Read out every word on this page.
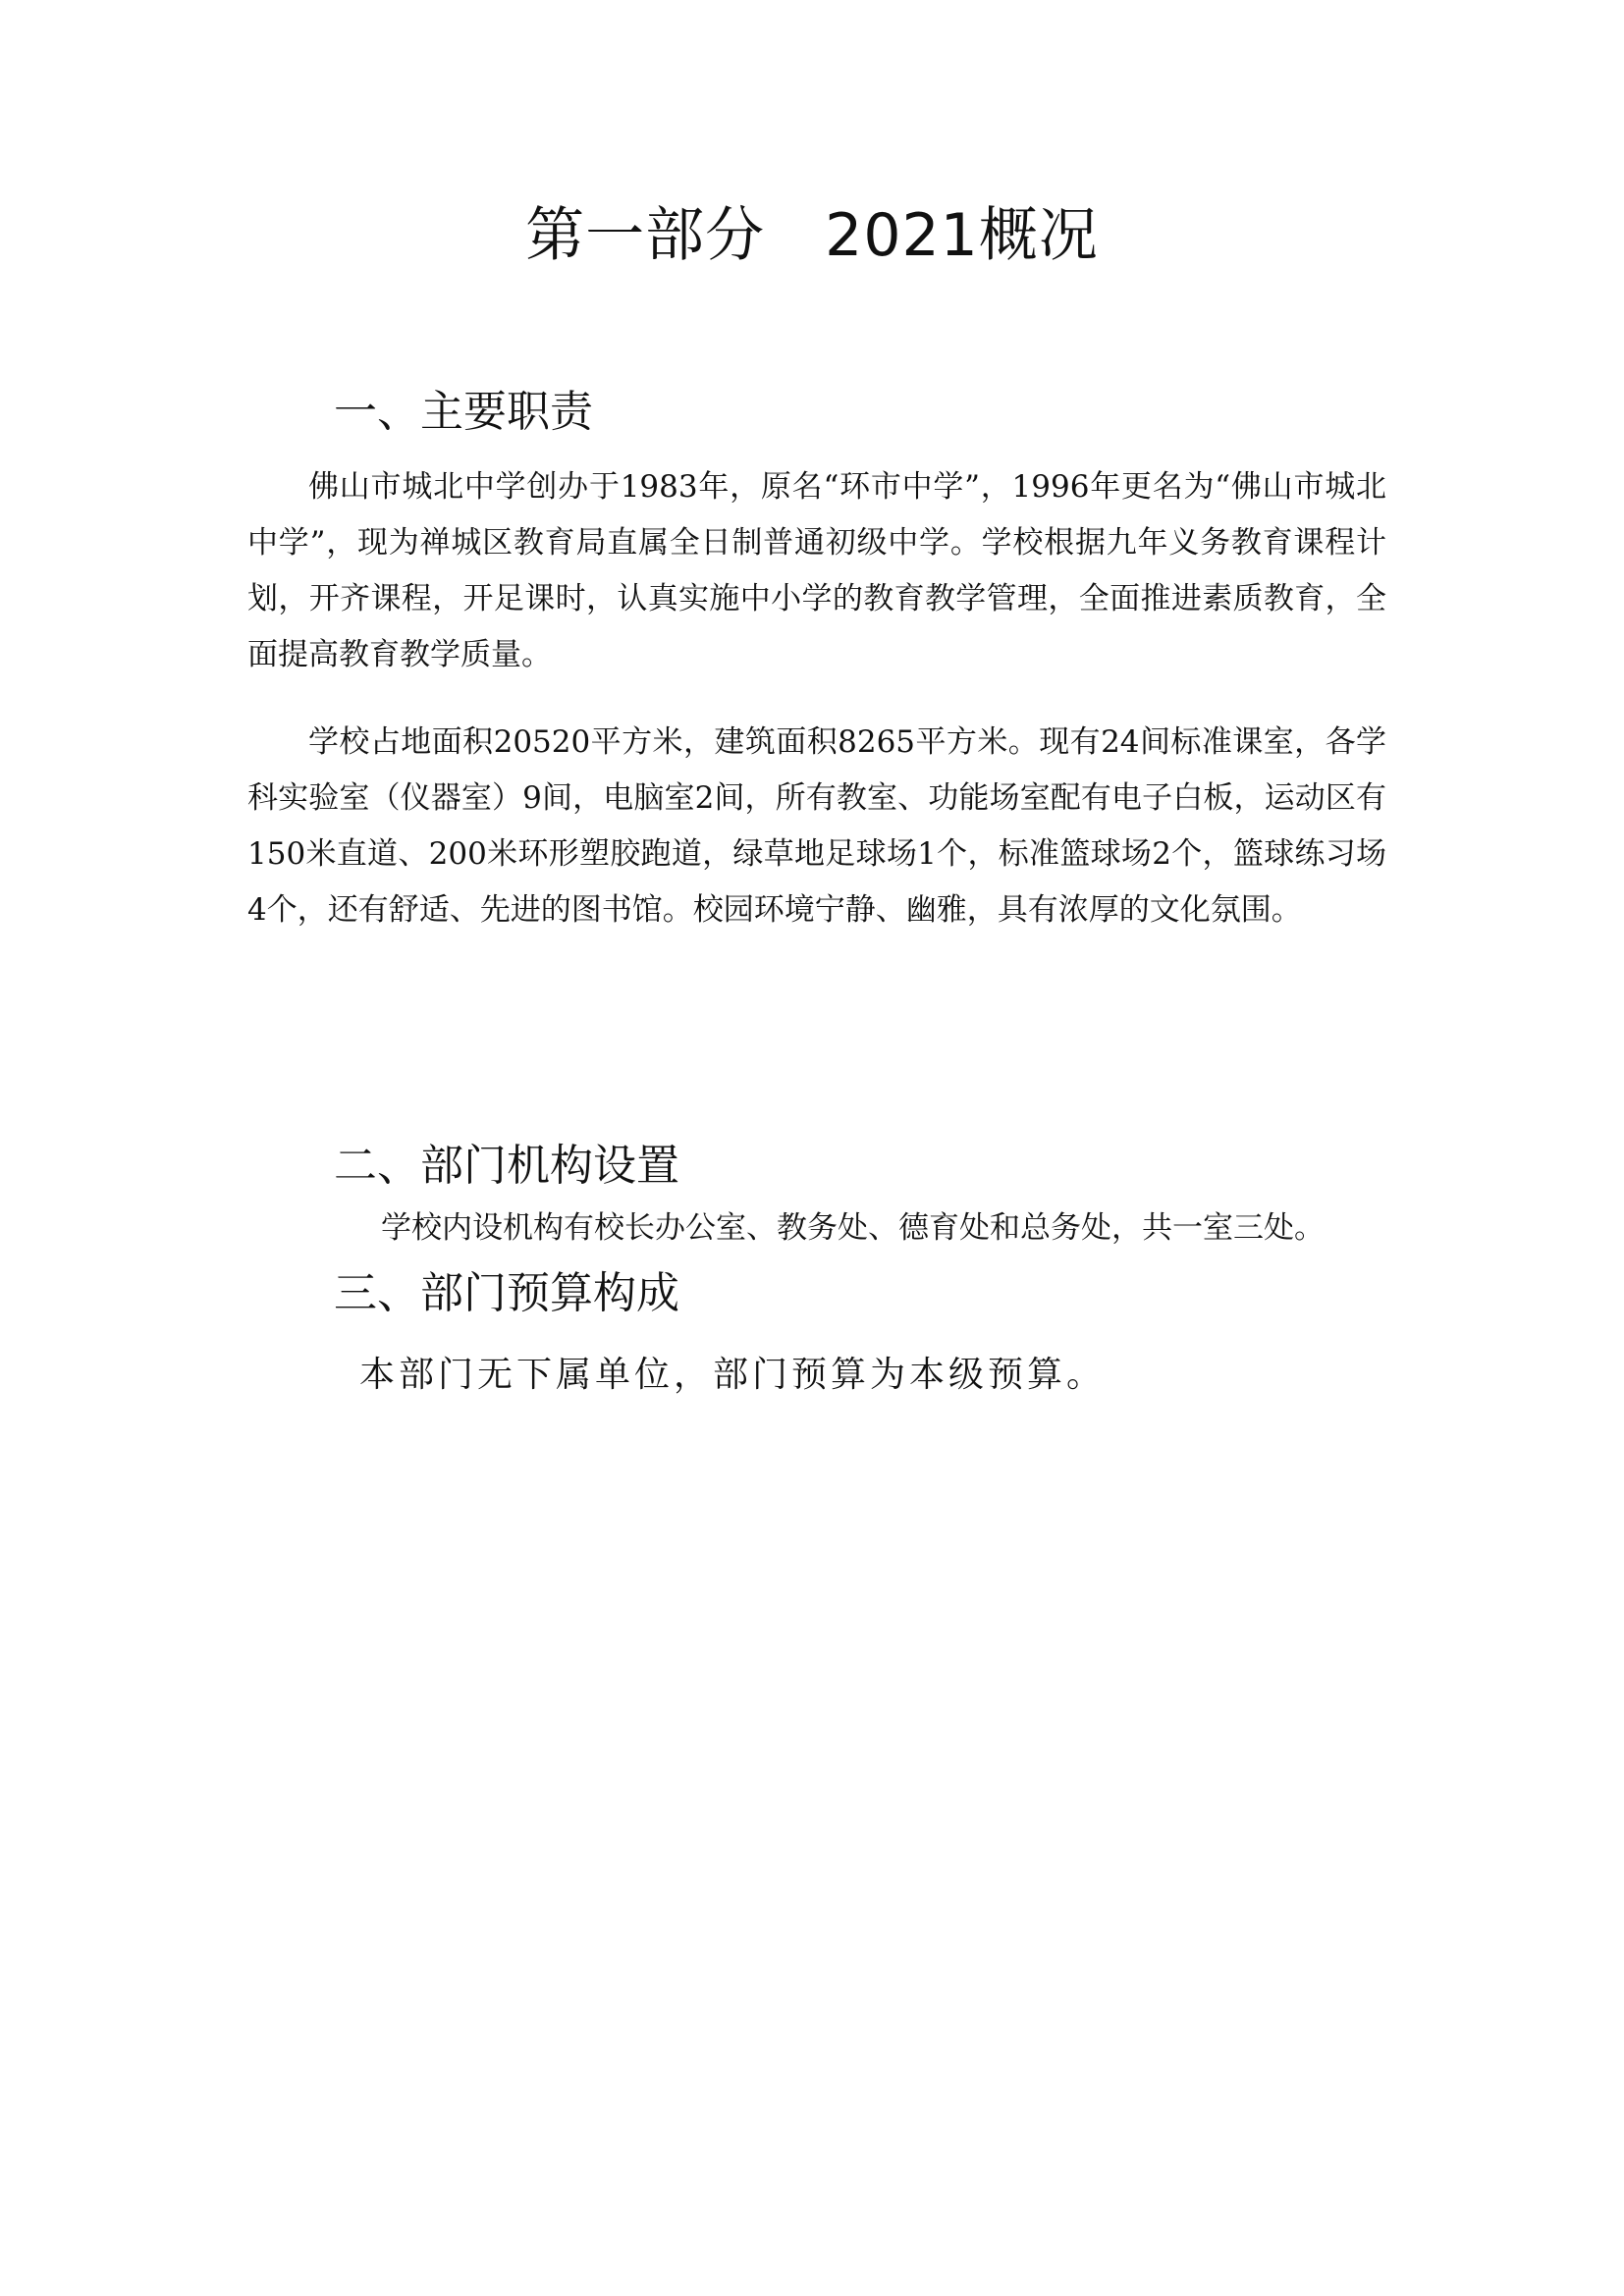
第一部分　2021概况
一、主要职责

佛山市城北中学创办于1983年，原名“环市中学”，1996年更名为“佛山市城北中学”，现为禅城区教育局直属全日制普通初级中学。学校根据九年义务教育课程计划，开齐课程，开足课时，认真实施中小学的教育教学管理，全面推进素质教育，全面提高教育教学质量。

学校占地面积20520平方米，建筑面积8265平方米。现有24间标准课室，各学科实验室（仪器室）9间，电脑室2间，所有教室、功能场室配有电子白板，运动区有150米直道、200米环形塑胶跑道，绿草地足球场1个，标准篮球场2个，篮球练习场4个，还有舒适、先进的图书馆。校园环境宁静、幽雅，具有浓厚的文化氛围。

二、部门机构设置

学校内设机构有校长办公室、教务处、德育处和总务处，共一室三处。

三、部门预算构成

本部门无下属单位，部门预算为本级预算。
